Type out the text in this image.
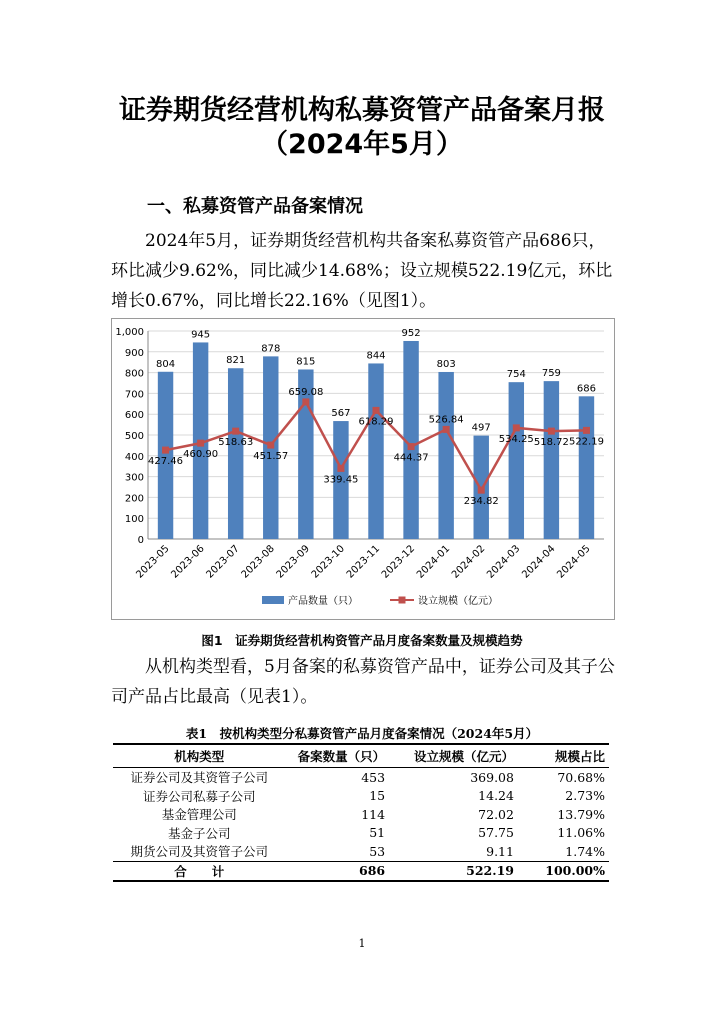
证券期货经营机构私募资管产品备案月报
（2024年5月）
一、私募资管产品备案情况
2024年5月，证券期货经营机构共备案私募资管产品686只，环比减少9.62%，同比减少14.68%；设立规模522.19亿元，环比增长0.67%，同比增长22.16%（见图1）。
0
100
200
300
400
500
600
700
800
900
1,000
804
945
821
878
815
567
844
952
803
497
754 759
686
427.46
460.90
518.63
451.57
659.08
339.45
618.29
444.37
526.84
234.82
534.25 518.72 522.19
2023-05
2023-06
2023-07
2023-08
2023-09
2023-10
2023-11
2023-12
2024-01
2024-02
2024-03
2024-04
2024-05
产品数量（只）	设立规模（亿元）
图1　证券期货经营机构资管产品月度备案数量及规模趋势
从机构类型看，5月备案的私募资管产品中，证券公司及其子公司产品占比最高（见表1）。
表1　按机构类型分私募资管产品月度备案情况（2024年5月）
机构类型	备案数量（只）	设立规模（亿元）	规模占比
证券公司及其资管子公司	453	369.08	70.68%
证券公司私募子公司	15	14.24	2.73%
基金管理公司	114	72.02	13.79%
基金子公司	51	57.75	11.06%
期货公司及其资管子公司	53	9.11	1.74%
合　　计	686	522.19	100.00%
1
